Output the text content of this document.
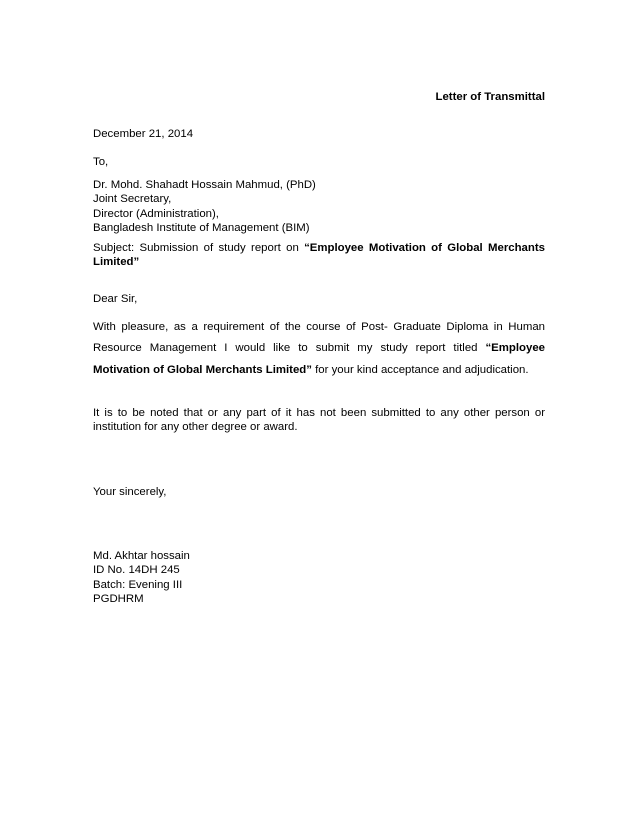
Letter of Transmittal
December 21, 2014
To,
Dr. Mohd. Shahadt Hossain Mahmud, (PhD)
Joint Secretary,
Director (Administration),
Bangladesh Institute of Management (BIM)
Subject: Submission of study report on “Employee Motivation of Global Merchants
Limited”
Dear Sir,
With pleasure, as a requirement of the course of Post- Graduate Diploma in Human
Resource Management I would like to submit my study report titled “Employee
Motivation of Global Merchants Limited” for your kind acceptance and adjudication.
It is to be noted that or any part of it has not been submitted to any other person or
institution for any other degree or award.
Your sincerely,
Md. Akhtar hossain
ID No. 14DH 245
Batch: Evening III
PGDHRM
